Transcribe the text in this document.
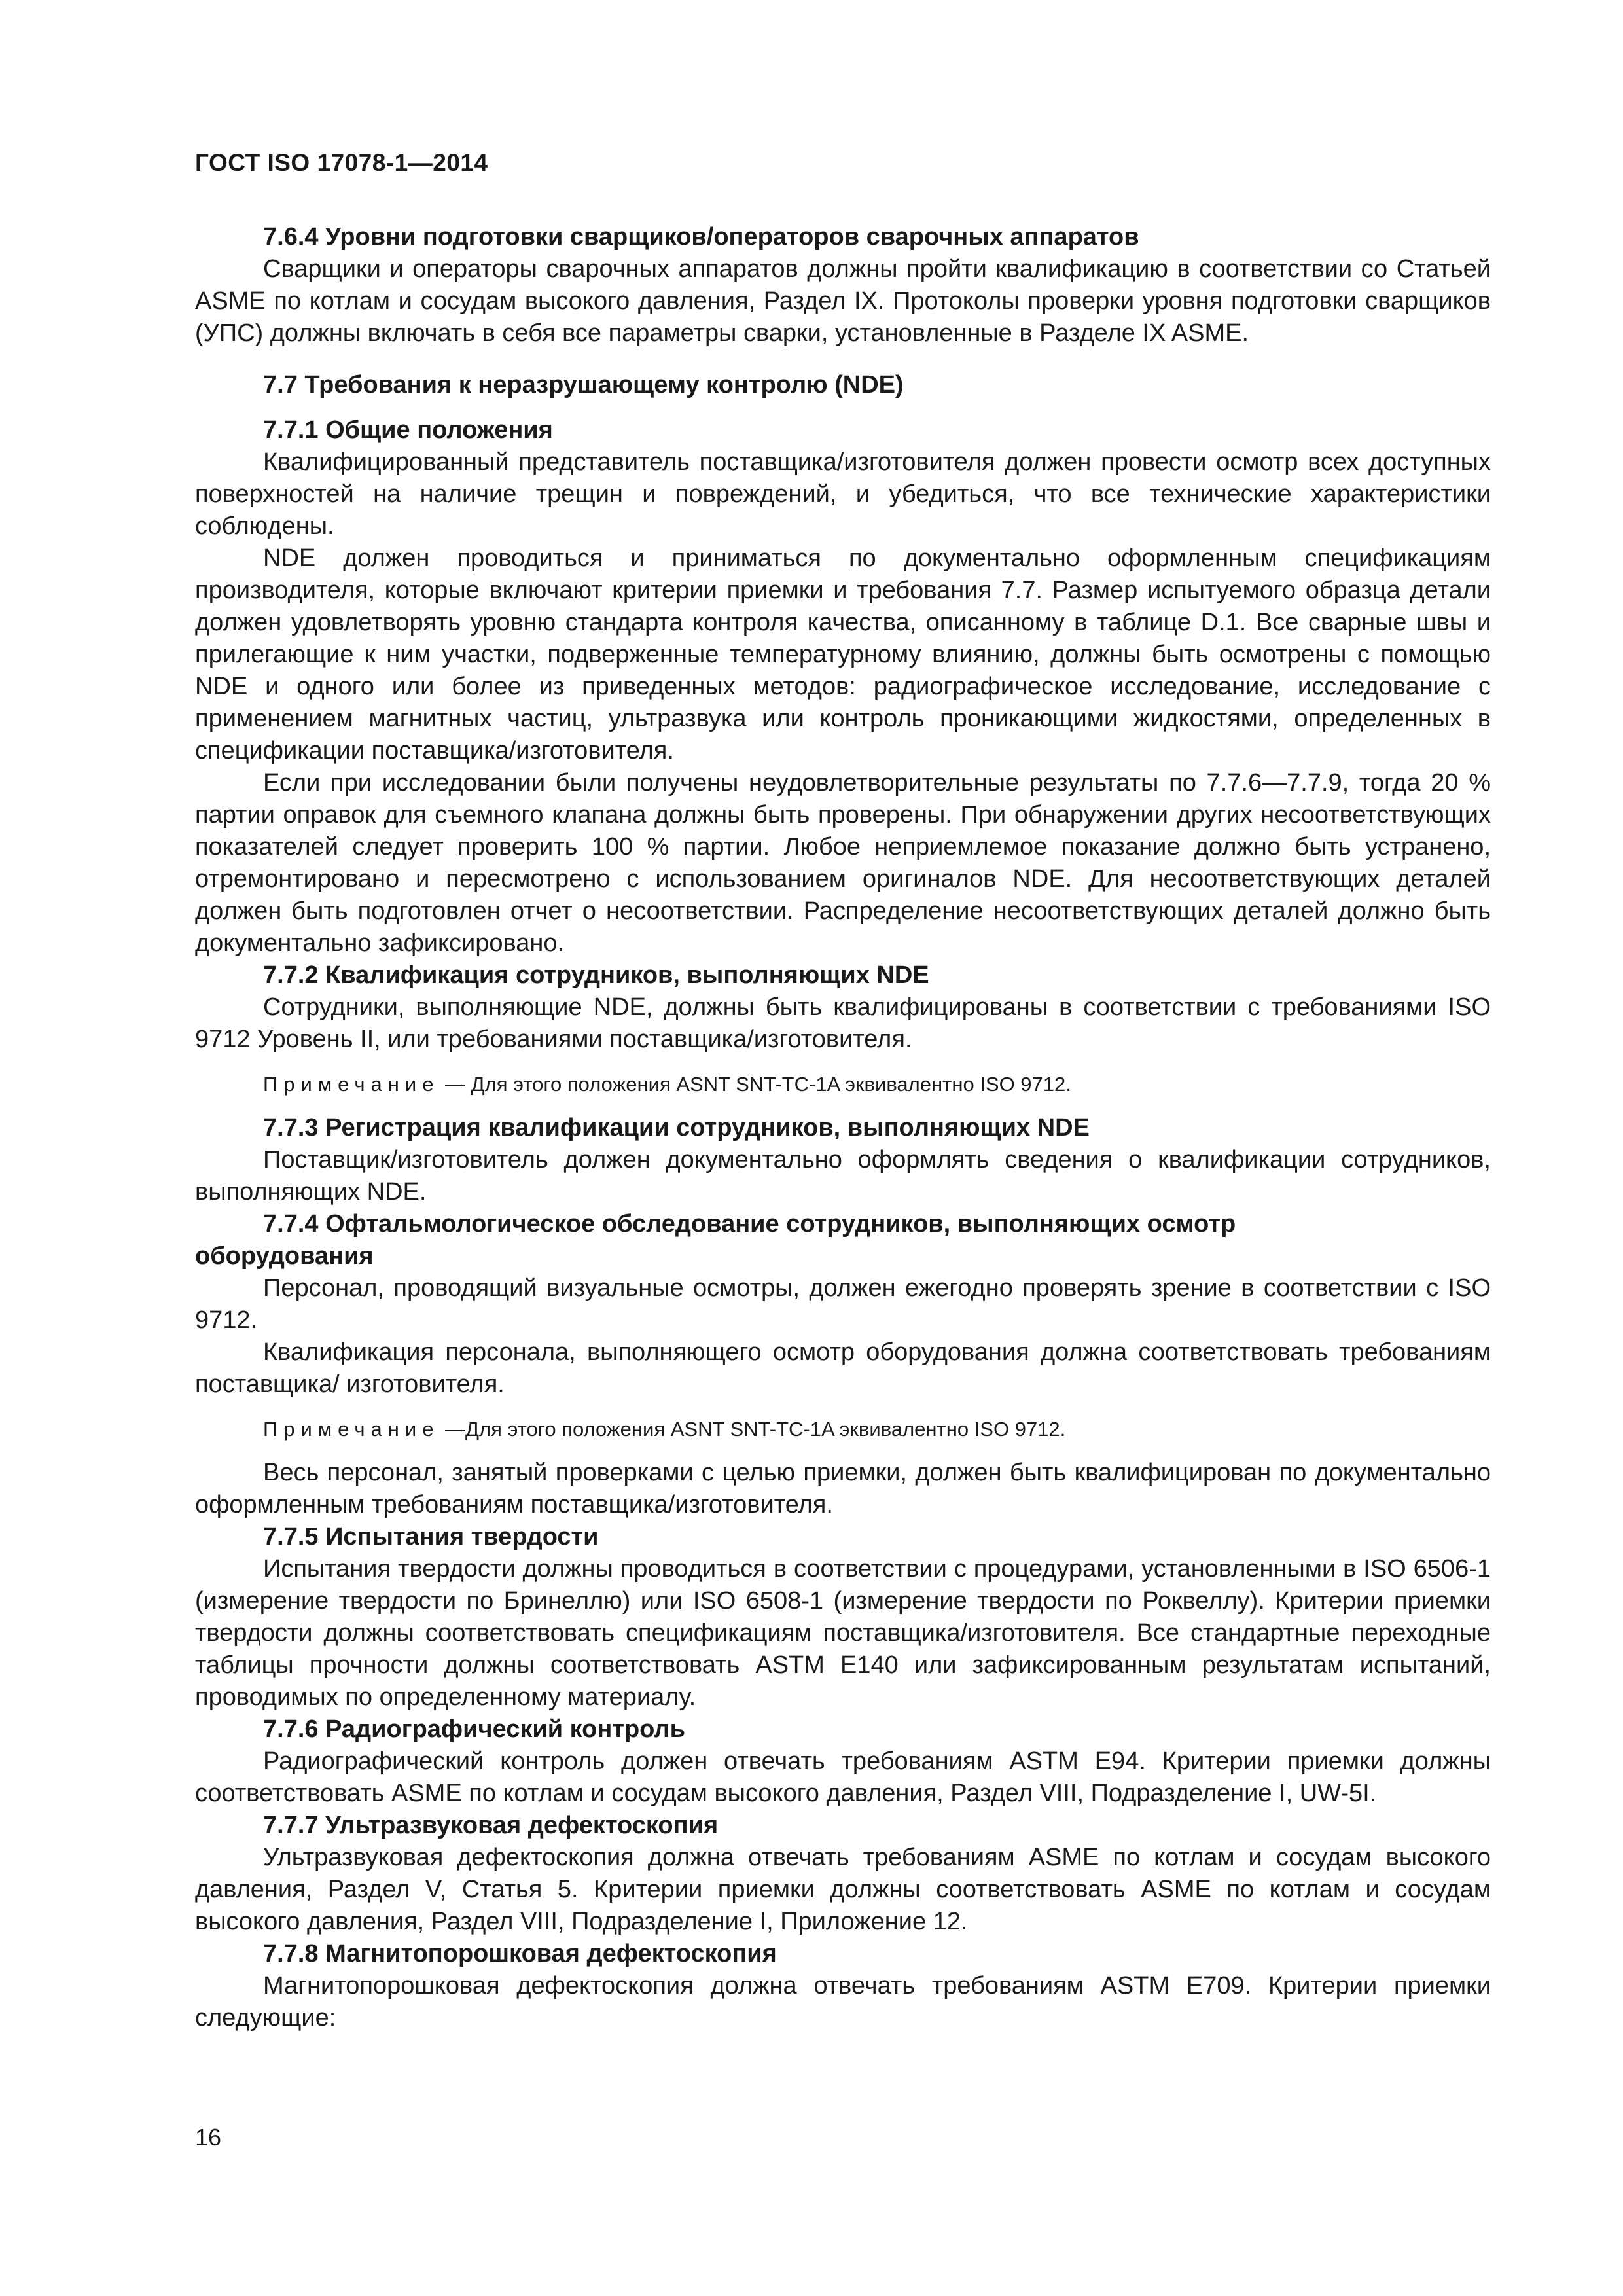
ГОСТ ISO 17078-1—2014
7.6.4 Уровни подготовки сварщиков/операторов сварочных аппаратов

Сварщики и операторы сварочных аппаратов должны пройти квалификацию в соответствии со Статьей ASME по котлам и сосудам высокого давления, Раздел IX. Протоколы проверки уровня подготовки сварщиков (УПС) должны включать в себя все параметры сварки, установленные в Разделе IX ASME.

7.7 Требования к неразрушающему контролю (NDE)
7.7.1 Общие положения

Квалифицированный представитель поставщика/изготовителя должен провести осмотр всех доступных поверхностей на наличие трещин и повреждений, и убедиться, что все технические характеристики соблюдены.

NDE должен проводиться и приниматься по документально оформленным спецификациям производителя, которые включают критерии приемки и требования 7.7. Размер испытуемого образца детали должен удовлетворять уровню стандарта контроля качества, описанному в таблице D.1. Все сварные швы и прилегающие к ним участки, подверженные температурному влиянию, должны быть осмотрены с помощью NDE и одного или более из приведенных методов: радиографическое исследование, исследование с применением магнитных частиц, ультразвука или контроль проникающими жидкостями, определенных в спецификации поставщика/изготовителя.

Если при исследовании были получены неудовлетворительные результаты по 7.7.6—7.7.9, тогда 20 % партии оправок для съемного клапана должны быть проверены. При обнаружении других несоответствующих показателей следует проверить 100 % партии. Любое неприемлемое показание должно быть устранено, отремонтировано и пересмотрено с использованием оригиналов NDE. Для несоответствующих деталей должен быть подготовлен отчет о несоответствии. Распределение несоответствующих деталей должно быть документально зафиксировано.

7.7.2 Квалификация сотрудников, выполняющих NDE

Сотрудники, выполняющие NDE, должны быть квалифицированы в соответствии с требованиями ISO 9712 Уровень II, или требованиями поставщика/изготовителя.

Примечание — Для этого положения ASNT SNT-TC-1A эквивалентно ISO 9712.

7.7.3 Регистрация квалификации сотрудников, выполняющих NDE

Поставщик/изготовитель должен документально оформлять сведения о квалификации сотрудников, выполняющих NDE.

7.7.4 Офтальмологическое обследование сотрудников, выполняющих осмотр
оборудования

Персонал, проводящий визуальные осмотры, должен ежегодно проверять зрение в соответствии с ISO 9712.

Квалификация персонала, выполняющего осмотр оборудования должна соответствовать требованиям поставщика/ изготовителя.

Примечание —Для этого положения ASNT SNT-TC-1A эквивалентно ISO 9712.

Весь персонал, занятый проверками с целью приемки, должен быть квалифицирован по документально оформленным требованиям поставщика/изготовителя.

7.7.5 Испытания твердости

Испытания твердости должны проводиться в соответствии с процедурами, установленными в ISO 6506-1 (измерение твердости по Бринеллю) или ISO 6508-1 (измерение твердости по Роквеллу). Критерии приемки твердости должны соответствовать спецификациям поставщика/изготовителя. Все стандартные переходные таблицы прочности должны соответствовать ASTM E140 или зафиксированным результатам испытаний, проводимых по определенному материалу.

7.7.6 Радиографический контроль

Радиографический контроль должен отвечать требованиям ASTM E94. Критерии приемки должны соответствовать ASME по котлам и сосудам высокого давления, Раздел VIII, Подразделение I, UW-5I.

7.7.7 Ультразвуковая дефектоскопия

Ультразвуковая дефектоскопия должна отвечать требованиям ASME по котлам и сосудам высокого давления, Раздел V, Статья 5. Критерии приемки должны соответствовать ASME по котлам и сосудам высокого давления, Раздел VIII, Подразделение I, Приложение 12.

7.7.8 Магнитопорошковая дефектоскопия

Магнитопорошковая дефектоскопия должна отвечать требованиям ASTM E709. Критерии приемки следующие:

16
